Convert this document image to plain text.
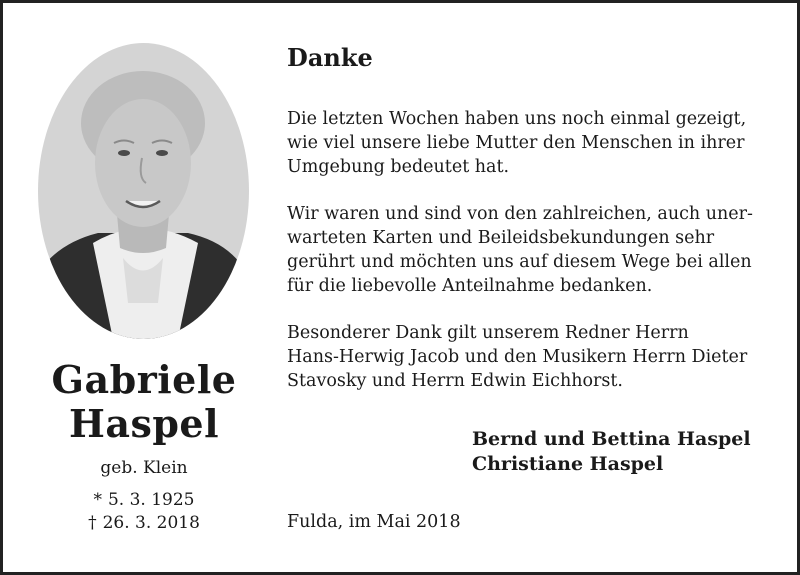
Gabriele
Haspel
geb. Klein
* 5. 3. 1925
† 26. 3. 2018
Danke
Die letzten Wochen haben uns noch einmal gezeigt,
wie viel unsere liebe Mutter den Menschen in ihrer
Umgebung bedeutet hat.
Wir waren und sind von den zahlreichen, auch uner-
warteten Karten und Beileidsbekundungen sehr
gerührt und möchten uns auf diesem Wege bei allen
für die liebevolle Anteilnahme bedanken.
Besonderer Dank gilt unserem Redner Herrn
Hans-Herwig Jacob und den Musikern Herrn Dieter
Stavosky und Herrn Edwin Eichhorst.
Bernd und Bettina Haspel
Christiane Haspel
Fulda, im Mai 2018
